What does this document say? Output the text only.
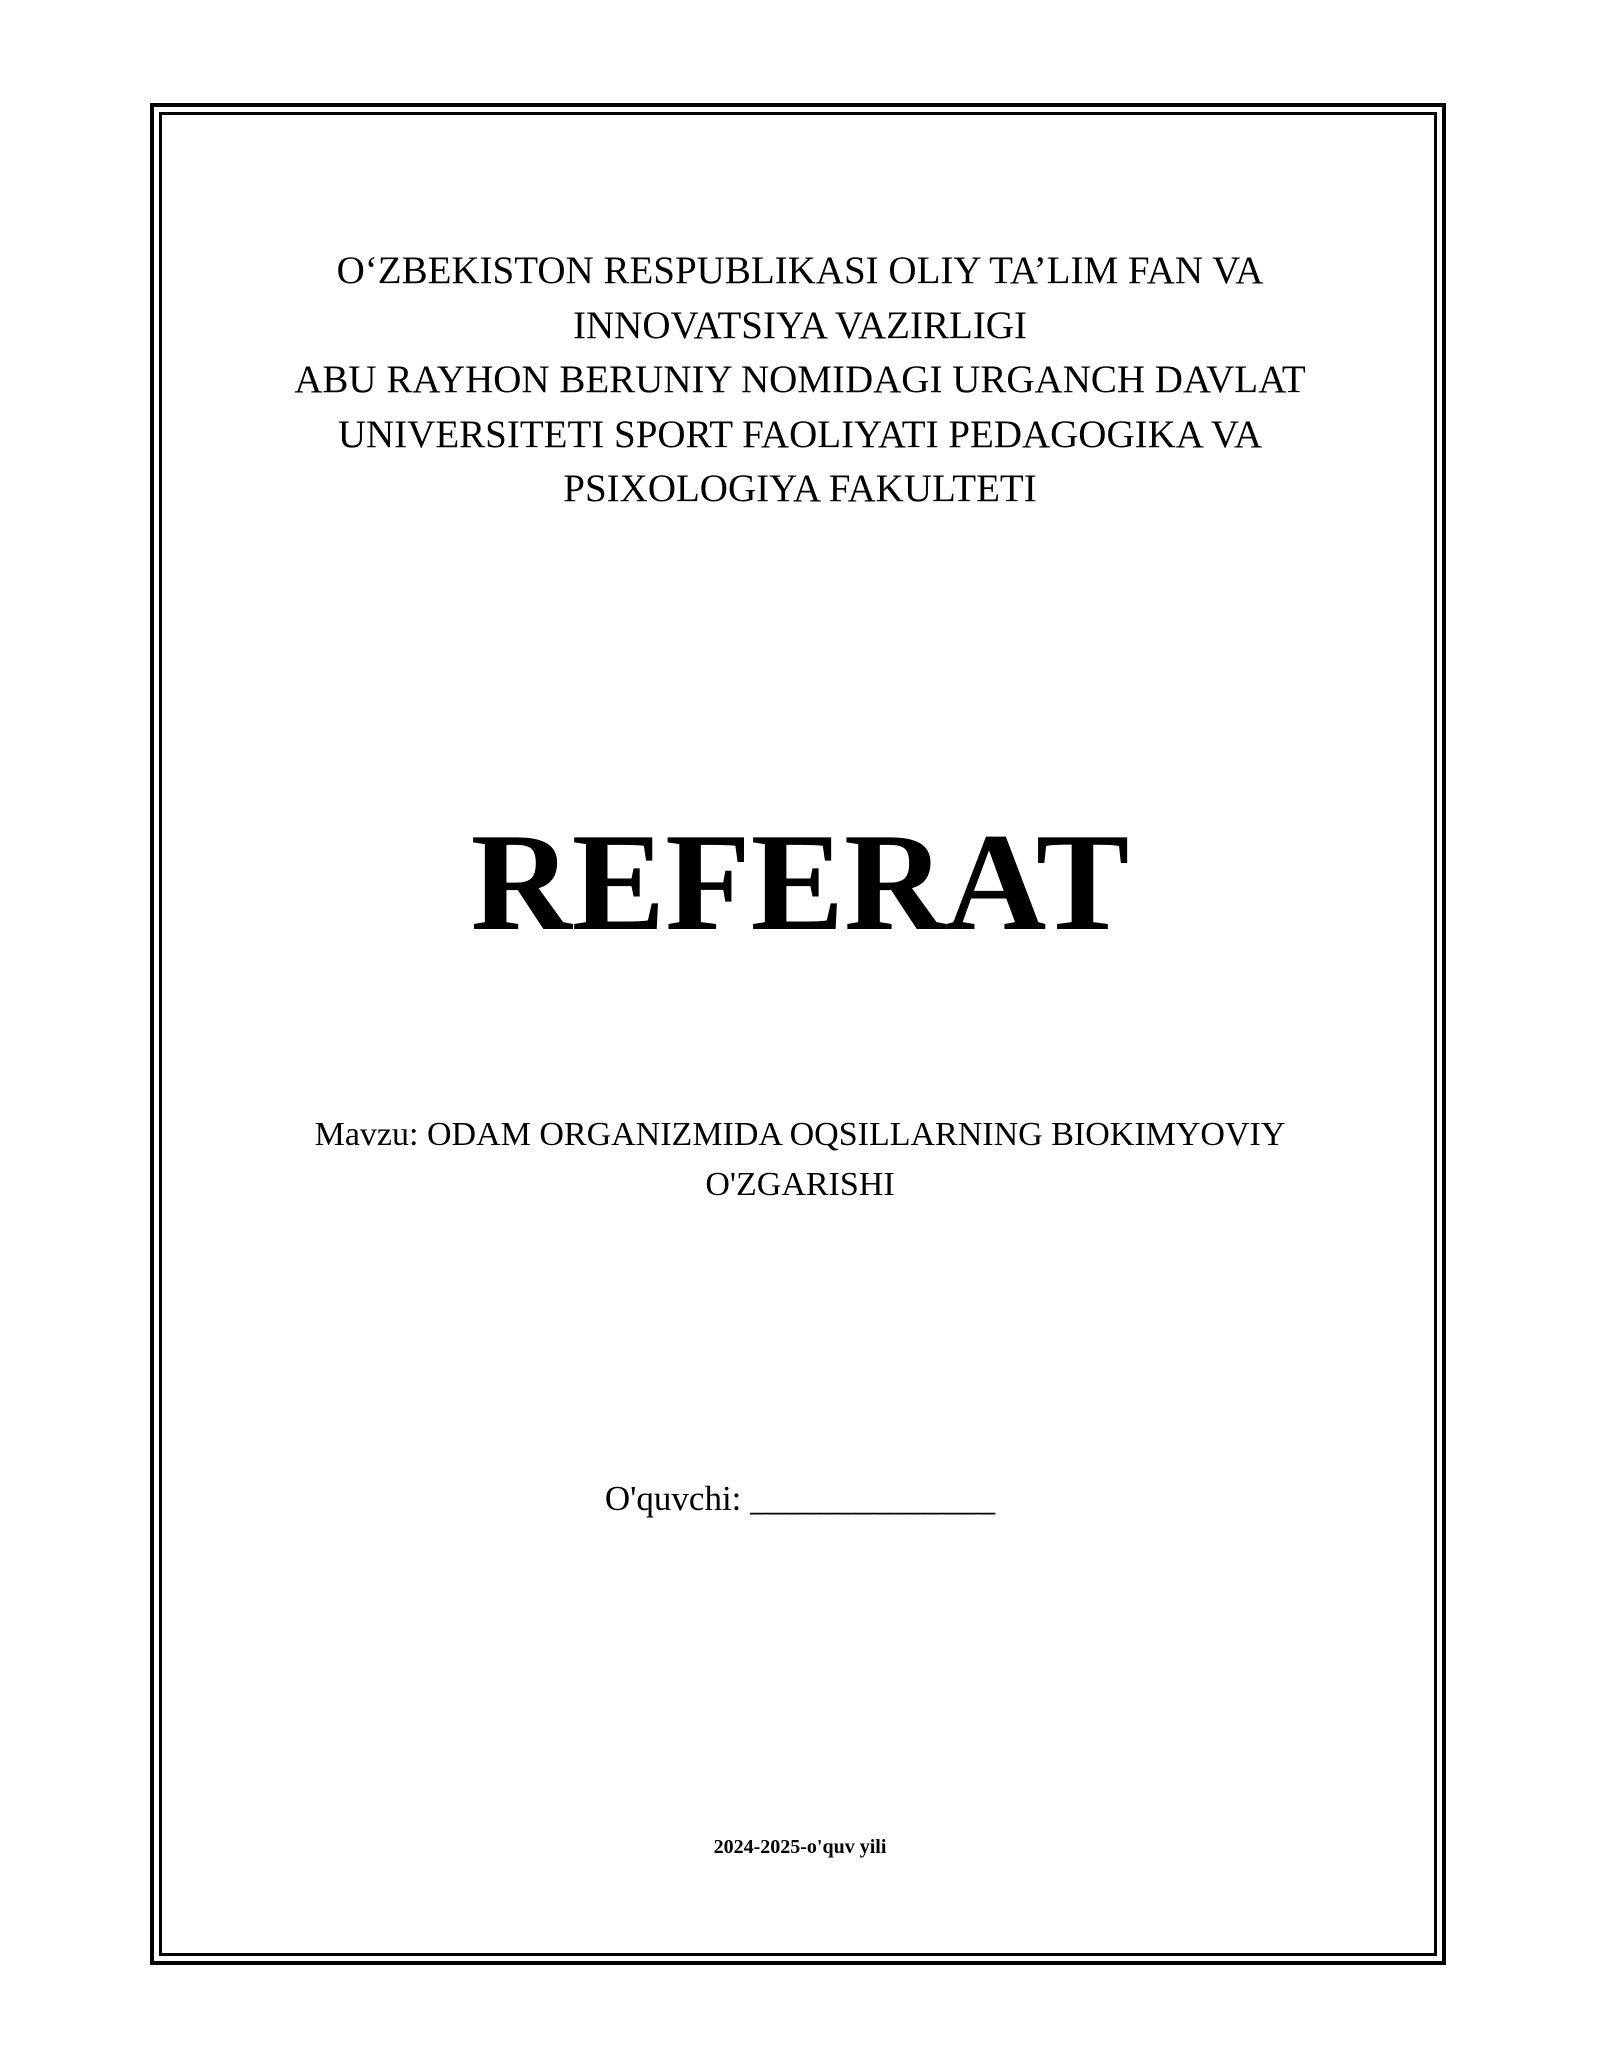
O‘ZBEKISTON RESPUBLIKASI OLIY TA’LIM FAN VA
INNOVATSIYA VAZIRLIGI
ABU RAYHON BERUNIY NOMIDAGI URGANCH DAVLAT
UNIVERSITETI SPORT FAOLIYATI PEDAGOGIKA VA
PSIXOLOGIYA FAKULTETI
REFERAT
Mavzu: ODAM ORGANIZMIDA OQSILLARNING BIOKIMYOVIY
O'ZGARISHI
O'quvchi: ______________
2024-2025-o'quv yili
